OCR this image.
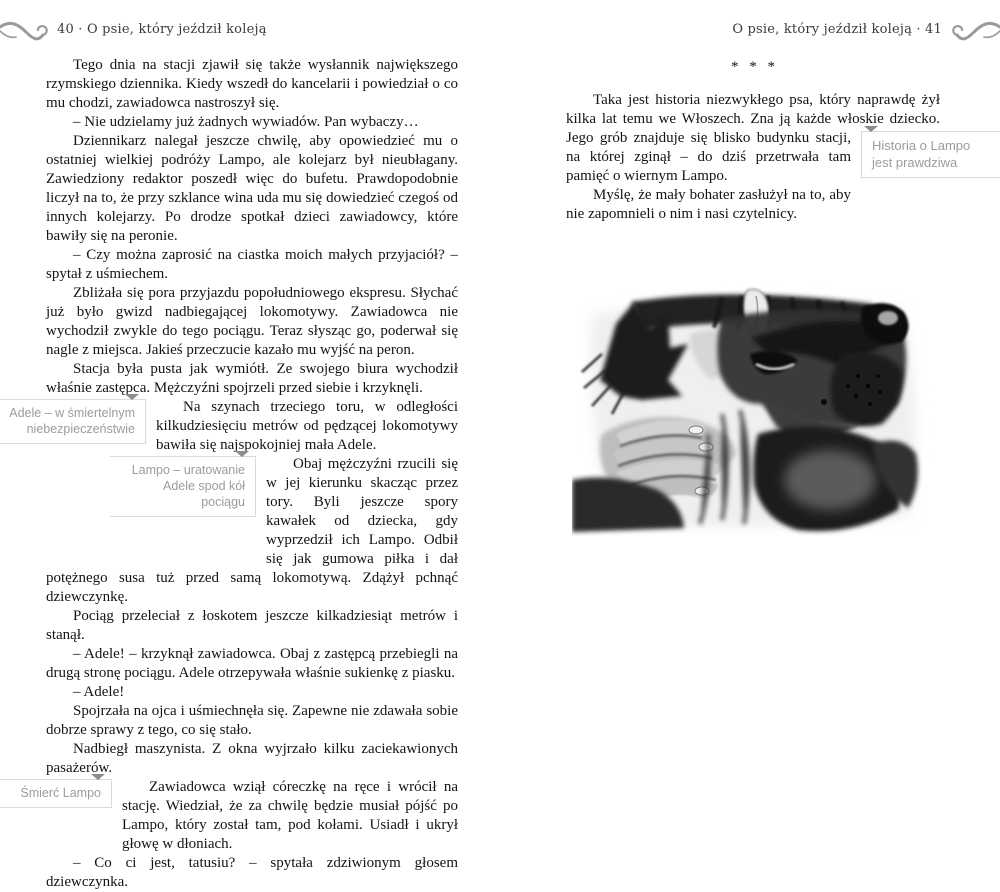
40 · O psie, który jeździł koleją	O psie, który jeździł koleją · 41

Tego dnia na stacji zjawił się także wysłannik największego rzymskiego dziennika. Kiedy wszedł do kancelarii i powiedział o co mu chodzi, zawiadowca nastroszył się.

– Nie udzielamy już żadnych wywiadów. Pan wybaczy…

Dziennikarz nalegał jeszcze chwilę, aby opowiedzieć mu o ostatniej wielkiej podróży Lampo, ale kolejarz był nieubłagany. Zawiedziony redaktor poszedł więc do bufetu. Prawdopodobnie liczył na to, że przy szklance wina uda mu się dowiedzieć czegoś od innych kolejarzy. Po drodze spotkał dzieci zawiadowcy, które bawiły się na peronie.

– Czy można zaprosić na ciastka moich małych przyjaciół? – spytał z uśmiechem.

Zbliżała się pora przyjazdu popołudniowego ekspresu. Słychać już było gwizd nadbiegającej lokomotywy. Zawiadowca nie wychodził zwykle do tego pociągu. Teraz słysząc go, poderwał się nagle z miejsca. Jakieś przeczucie kazało mu wyjść na peron.

Stacja była pusta jak wymiótł. Ze swojego biura wychodził właśnie zastępca. Mężczyźni spojrzeli przed siebie i krzyknęli.

Adele – w śmiertelnym niebezpieczeństwie
Na szynach trzeciego toru, w odległości kilkudziesięciu metrów od pędzącej lokomotywy bawiła się najspokojniej mała Adele.

Lampo – uratowanie Adele spod kół pociągu
Obaj mężczyźni rzucili się w jej kierunku skacząc przez tory. Byli jeszcze spory kawałek od dziecka, gdy wyprzedził ich Lampo. Odbił się jak gumowa piłka i dał potężnego susa tuż przed samą lokomotywą. Zdążył pchnąć dziewczynkę.

Pociąg przeleciał z łoskotem jeszcze kilkadziesiąt metrów i stanął.

– Adele! – krzyknął zawiadowca. Obaj z zastępcą przebiegli na drugą stronę pociągu. Adele otrzepywała właśnie sukienkę z piasku.

– Adele!

Spojrzała na ojca i uśmiechnęła się. Zapewne nie zdawała sobie dobrze sprawy z tego, co się stało.

Nadbiegł maszynista. Z okna wyjrzało kilku zaciekawionych pasażerów.

Śmierć Lampo	Zawiadowca wziął córeczkę na ręce i wrócił na stację. Wiedział, że za chwilę będzie musiał pójść po Lampo, który został tam, pod kołami. Usiadł i ukrył głowę w dłoniach.

– Co ci jest, tatusiu? – spytała zdziwionym głosem dziewczynka.

* * *

Taka jest historia niezwykłego psa, który naprawdę żył kilka lat temu we Włoszech. Zna ją każde włoskie dziecko. Jego grób	Historia o Lampo jest prawdziwa
znajduje się blisko budynku stacji, na której zginął – do dziś przetrwała tam pamięć o wiernym Lampo.

Myślę, że mały bohater zasłużył na to, aby nie zapomnieli o nim i nasi czytelnicy.
